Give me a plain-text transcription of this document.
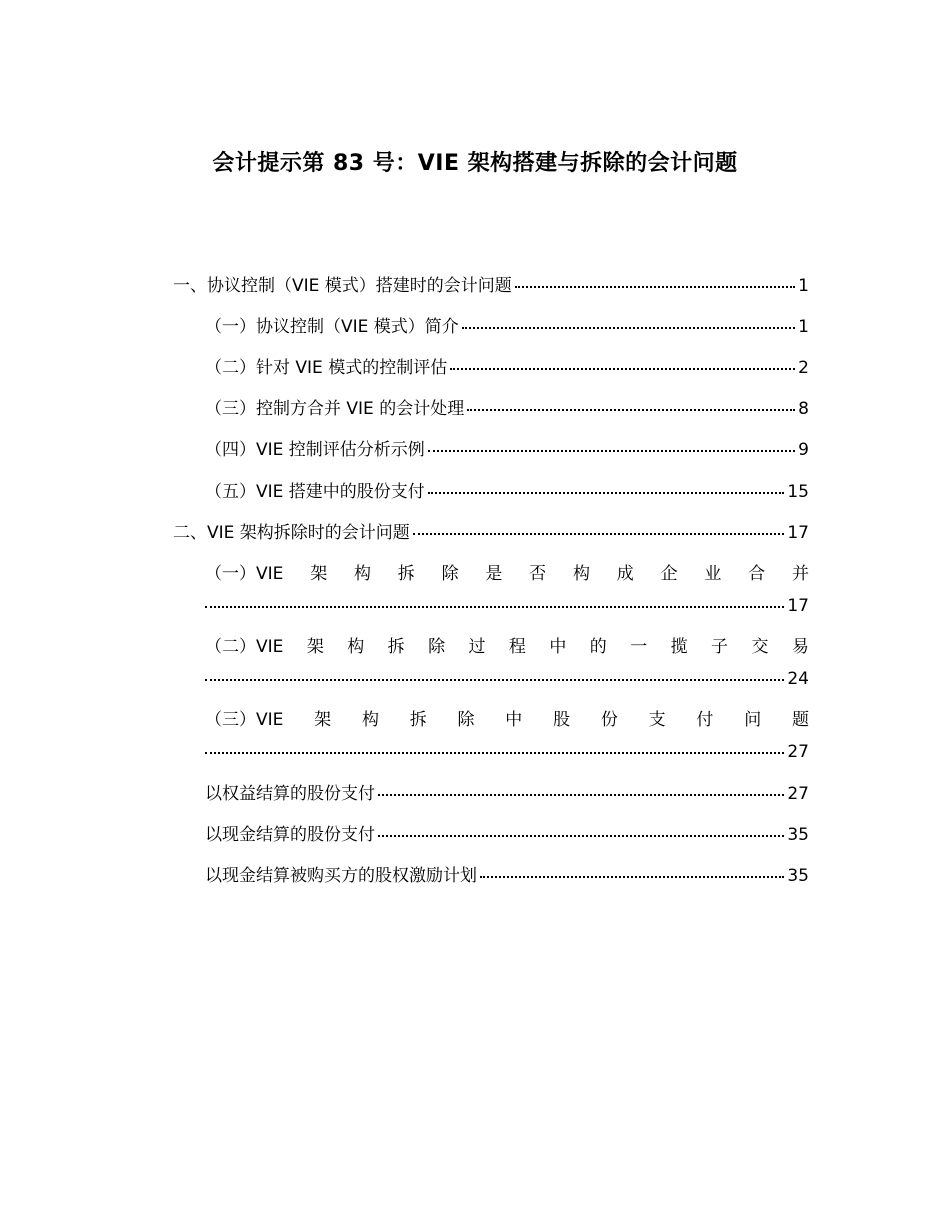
会计提示第 83 号：VIE 架构搭建与拆除的会计问题
一、协议控制（VIE 模式）搭建时的会计问题	1
（一）协议控制（VIE 模式）简介	1
（二）针对 VIE 模式的控制评估	2
（三）控制方合并 VIE 的会计处理	8
（四）VIE 控制评估分析示例	9
（五）VIE 搭建中的股份支付	15
二、VIE 架构拆除时的会计问题	17
（一）VIE 架 构 拆 除 是 否 构 成 企 业 合 并
17
（二）VIE 架 构 拆 除 过 程 中 的 一 揽 子 交 易
24
（三）VIE 架 构 拆 除 中 股 份 支 付 问 题
27
以权益结算的股份支付	27
以现金结算的股份支付	35
以现金结算被购买方的股权激励计划	35
